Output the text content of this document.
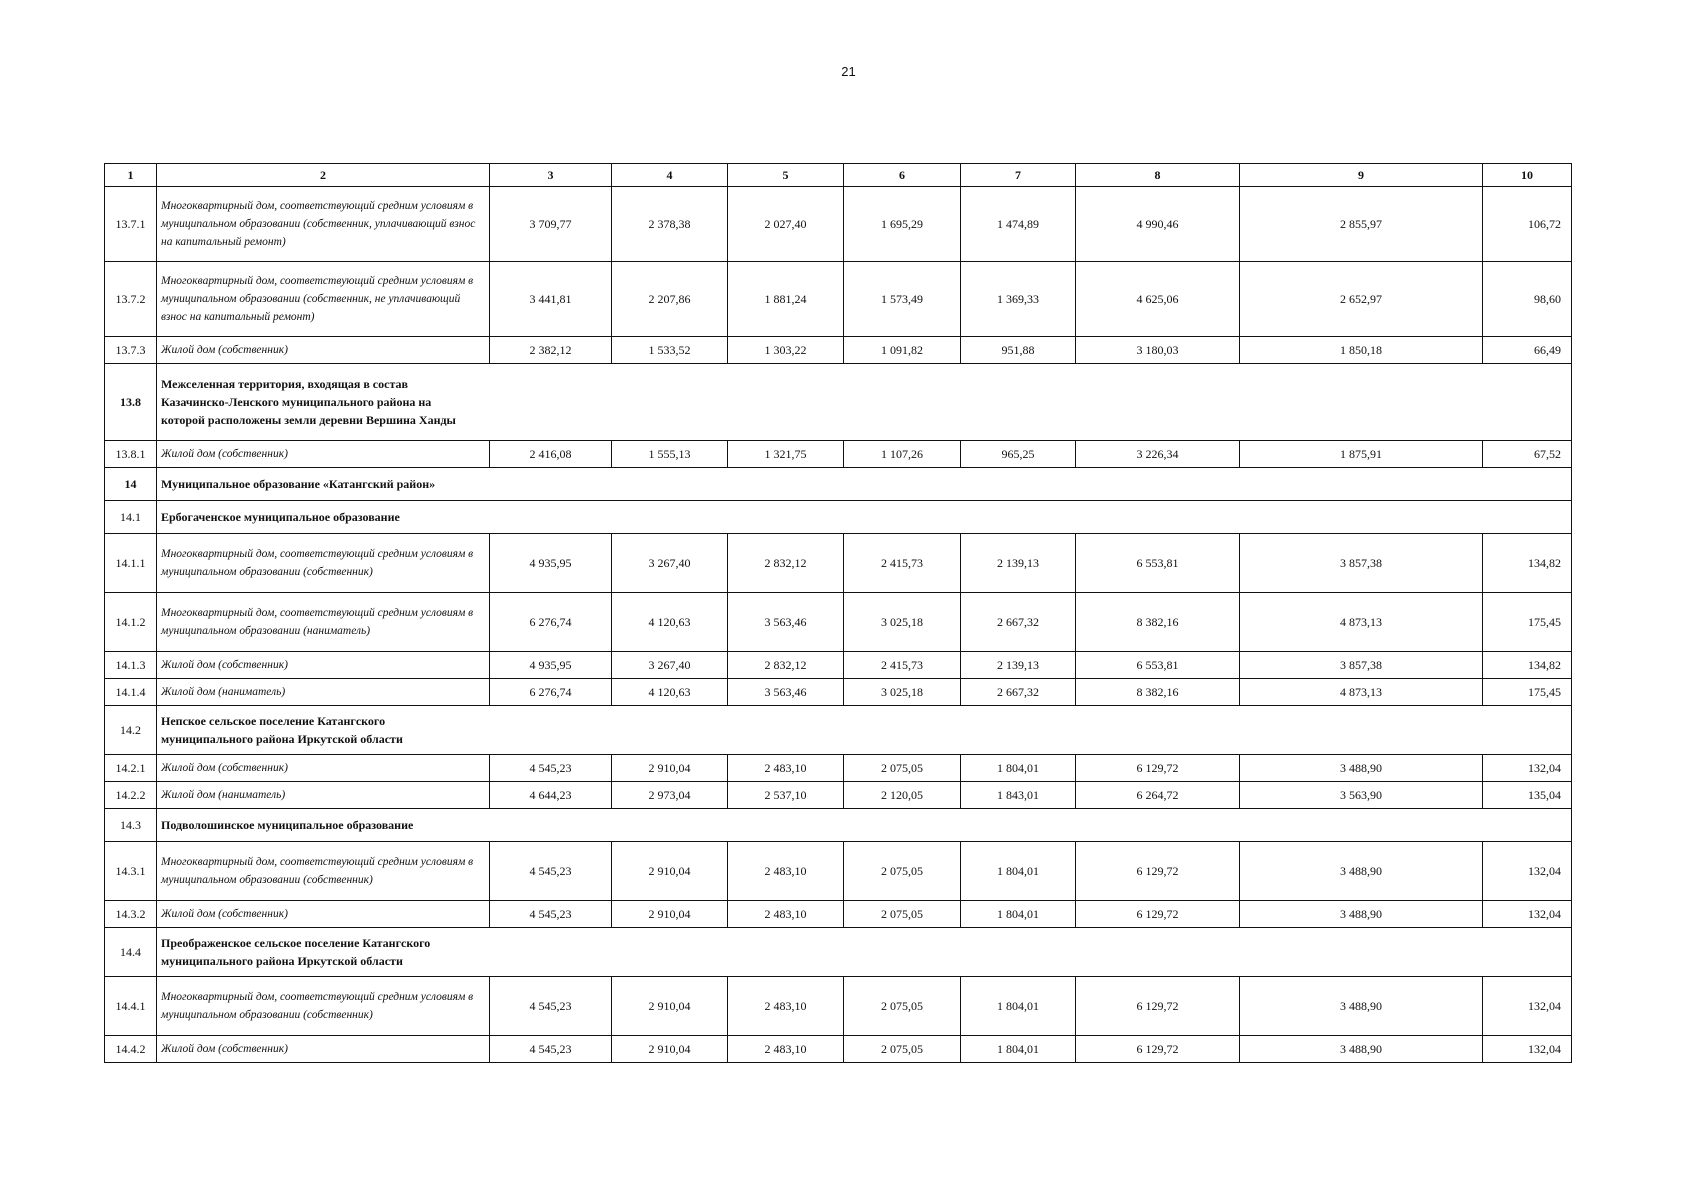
21
1	2	3	4	5	6	7	8	9	10
13.7.1	Многоквартирный дом, соответствующий средним условиям в муниципальном образовании (собственник, уплачивающий взнос на капитальный ремонт)	3 709,77	2 378,38	2 027,40	1 695,29	1 474,89	4 990,46	2 855,97	106,72
13.7.2	Многоквартирный дом, соответствующий средним условиям в муниципальном образовании (собственник, не уплачивающий взнос на капитальный ремонт)	3 441,81	2 207,86	1 881,24	1 573,49	1 369,33	4 625,06	2 652,97	98,60
13.7.3	Жилой дом (собственник)	2 382,12	1 533,52	1 303,22	1 091,82	951,88	3 180,03	1 850,18	66,49
13.8	Межселенная территория, входящая в состав Казачинско-Ленского муниципального района на которой расположены земли деревни Вершина Ханды								

13.8.1	Жилой дом (собственник)	2 416,08	1 555,13	1 321,75	1 107,26	965,25	3 226,34	1 875,91	67,52
14	Муниципальное образование «Катангский район»								

14.1	Ербогаченское муниципальное образование								

14.1.1	Многоквартирный дом, соответствующий средним условиям в муниципальном образовании (собственник)	4 935,95	3 267,40	2 832,12	2 415,73	2 139,13	6 553,81	3 857,38	134,82
14.1.2	Многоквартирный дом, соответствующий средним условиям в муниципальном образовании (наниматель)	6 276,74	4 120,63	3 563,46	3 025,18	2 667,32	8 382,16	4 873,13	175,45
14.1.3	Жилой дом (собственник)	4 935,95	3 267,40	2 832,12	2 415,73	2 139,13	6 553,81	3 857,38	134,82
14.1.4	Жилой дом (наниматель)	6 276,74	4 120,63	3 563,46	3 025,18	2 667,32	8 382,16	4 873,13	175,45
14.2	Непское сельское поселение Катангского муниципального района Иркутской области								

14.2.1	Жилой дом (собственник)	4 545,23	2 910,04	2 483,10	2 075,05	1 804,01	6 129,72	3 488,90	132,04
14.2.2	Жилой дом (наниматель)	4 644,23	2 973,04	2 537,10	2 120,05	1 843,01	6 264,72	3 563,90	135,04
14.3	Подволошинское муниципальное образование								

14.3.1	Многоквартирный дом, соответствующий средним условиям в муниципальном образовании (собственник)	4 545,23	2 910,04	2 483,10	2 075,05	1 804,01	6 129,72	3 488,90	132,04
14.3.2	Жилой дом (собственник)	4 545,23	2 910,04	2 483,10	2 075,05	1 804,01	6 129,72	3 488,90	132,04
14.4	Преображенское сельское поселение Катангского муниципального района Иркутской области								

14.4.1	Многоквартирный дом, соответствующий средним условиям в муниципальном образовании (собственник)	4 545,23	2 910,04	2 483,10	2 075,05	1 804,01	6 129,72	3 488,90	132,04
14.4.2	Жилой дом (собственник)	4 545,23	2 910,04	2 483,10	2 075,05	1 804,01	6 129,72	3 488,90	132,04
